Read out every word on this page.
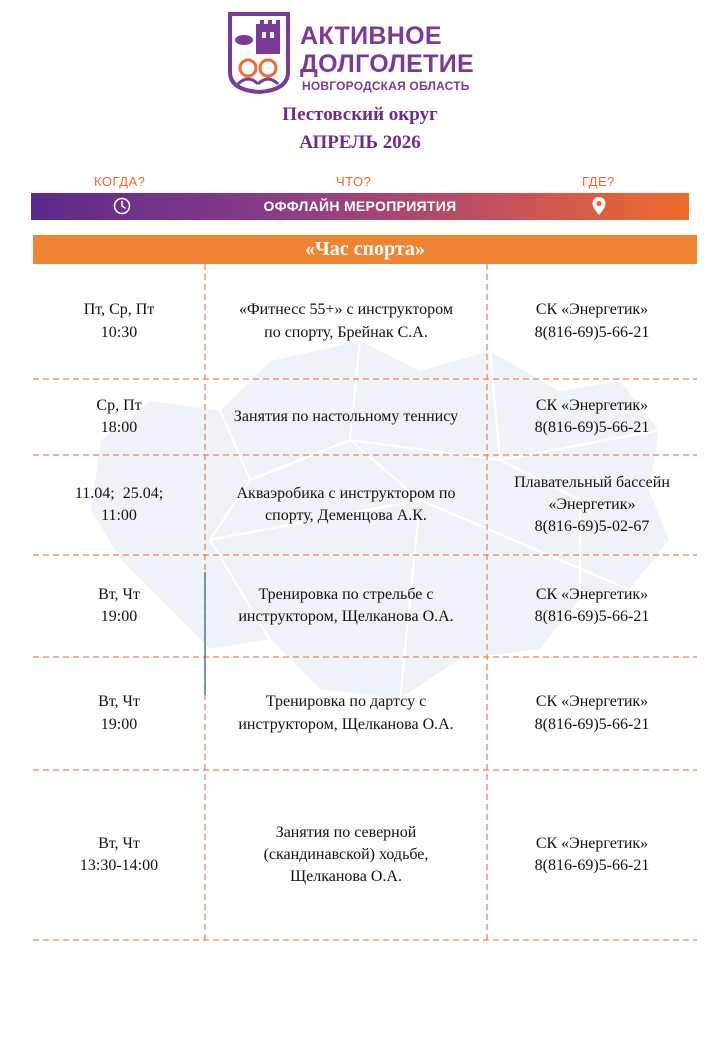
АКТИВНОЕ
ДОЛГОЛЕТИЕ
НОВГОРОДСКАЯ ОБЛАСТЬ
Пестовский округ
АПРЕЛЬ 2026
КОГДА?	ЧТО?	ГДЕ?
ОФФЛАЙН МЕРОПРИЯТИЯ
«Час спорта»
Пт, Ср, Пт
10:30
«Фитнесс 55+» с инструктором
по спорту, Брейнак С.А.
СК «Энергетик»
8(816-69)5-66-21
Ср, Пт
18:00
Занятия по настольному теннису
СК «Энергетик»
8(816-69)5-66-21
11.04;  25.04;
11:00
Акваэробика с инструктором по
спорту, Деменцова А.К.
Плавательный бассейн
«Энергетик»
8(816-69)5-02-67
Вт, Чт
19:00
Тренировка по стрельбе с
инструктором, Щелканова О.А.
СК «Энергетик»
8(816-69)5-66-21
Вт, Чт
19:00
Тренировка по дартсу с
инструктором, Щелканова О.А.
СК «Энергетик»
8(816-69)5-66-21
Вт, Чт
13:30-14:00
Занятия по северной
(скандинавской) ходьбе,
Щелканова О.А.
СК «Энергетик»
8(816-69)5-66-21
